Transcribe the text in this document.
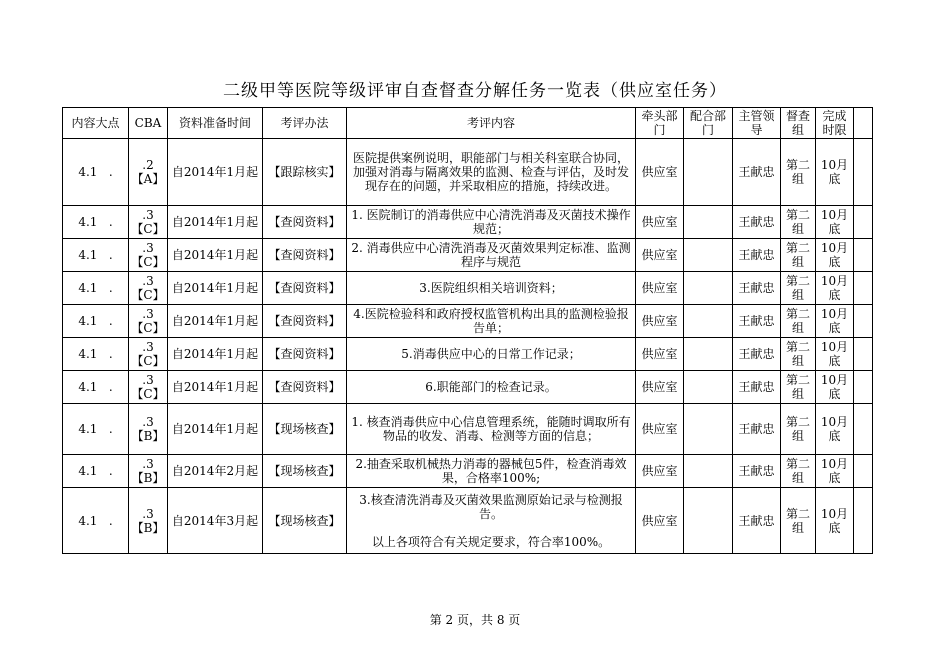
二级甲等医院等级评审自查督查分解任务一览表（供应室任务）
内容大点	CBA	资料准备时间	考评办法	考评内容	牵头部门	配合部门	主管领导	督查组	完成时限	
4.1   .	.2【A】	自2014年1月起	【跟踪核实】	医院提供案例说明，职能部门与相关科室联合协同，加强对消毒与隔离效果的监测、检查与评估，及时发现存在的问题，并采取相应的措施，持续改进。	供应室		王献忠	第二组	10月底	
4.1   .	.3【C】	自2014年1月起	【查阅资料】	1. 医院制订的消毒供应中心清洗消毒及灭菌技术操作规范；	供应室		王献忠	第二组	10月底	
4.1   .	.3【C】	自2014年1月起	【查阅资料】	2. 消毒供应中心清洗消毒及灭菌效果判定标准、监测程序与规范	供应室		王献忠	第二组	10月底	
4.1   .	.3【C】	自2014年1月起	【查阅资料】	3.医院组织相关培训资料；	供应室		王献忠	第二组	10月底	
4.1   .	.3【C】	自2014年1月起	【查阅资料】	4.医院检验科和政府授权监管机构出具的监测检验报告单；	供应室		王献忠	第二组	10月底	
4.1   .	.3【C】	自2014年1月起	【查阅资料】	5.消毒供应中心的日常工作记录；	供应室		王献忠	第二组	10月底	
4.1   .	.3【C】	自2014年1月起	【查阅资料】	6.职能部门的检查记录。	供应室		王献忠	第二组	10月底	
4.1   .	.3【B】	自2014年1月起	【现场核查】	1. 核查消毒供应中心信息管理系统，能随时调取所有物品的收发、消毒、检测等方面的信息；	供应室		王献忠	第二组	10月底	
4.1   .	.3【B】	自2014年2月起	【现场核查】	2.抽查采取机械热力消毒的器械包5件，检查消毒效果，合格率100%;	供应室		王献忠	第二组	10月底	
4.1   .	.3【B】	自2014年3月起	【现场核查】	3.核查清洗消毒及灭菌效果监测原始记录与检测报告。
以上各项符合有关规定要求，符合率100%。	供应室		王献忠	第二组	10月底	
第 2 页，共 8 页
